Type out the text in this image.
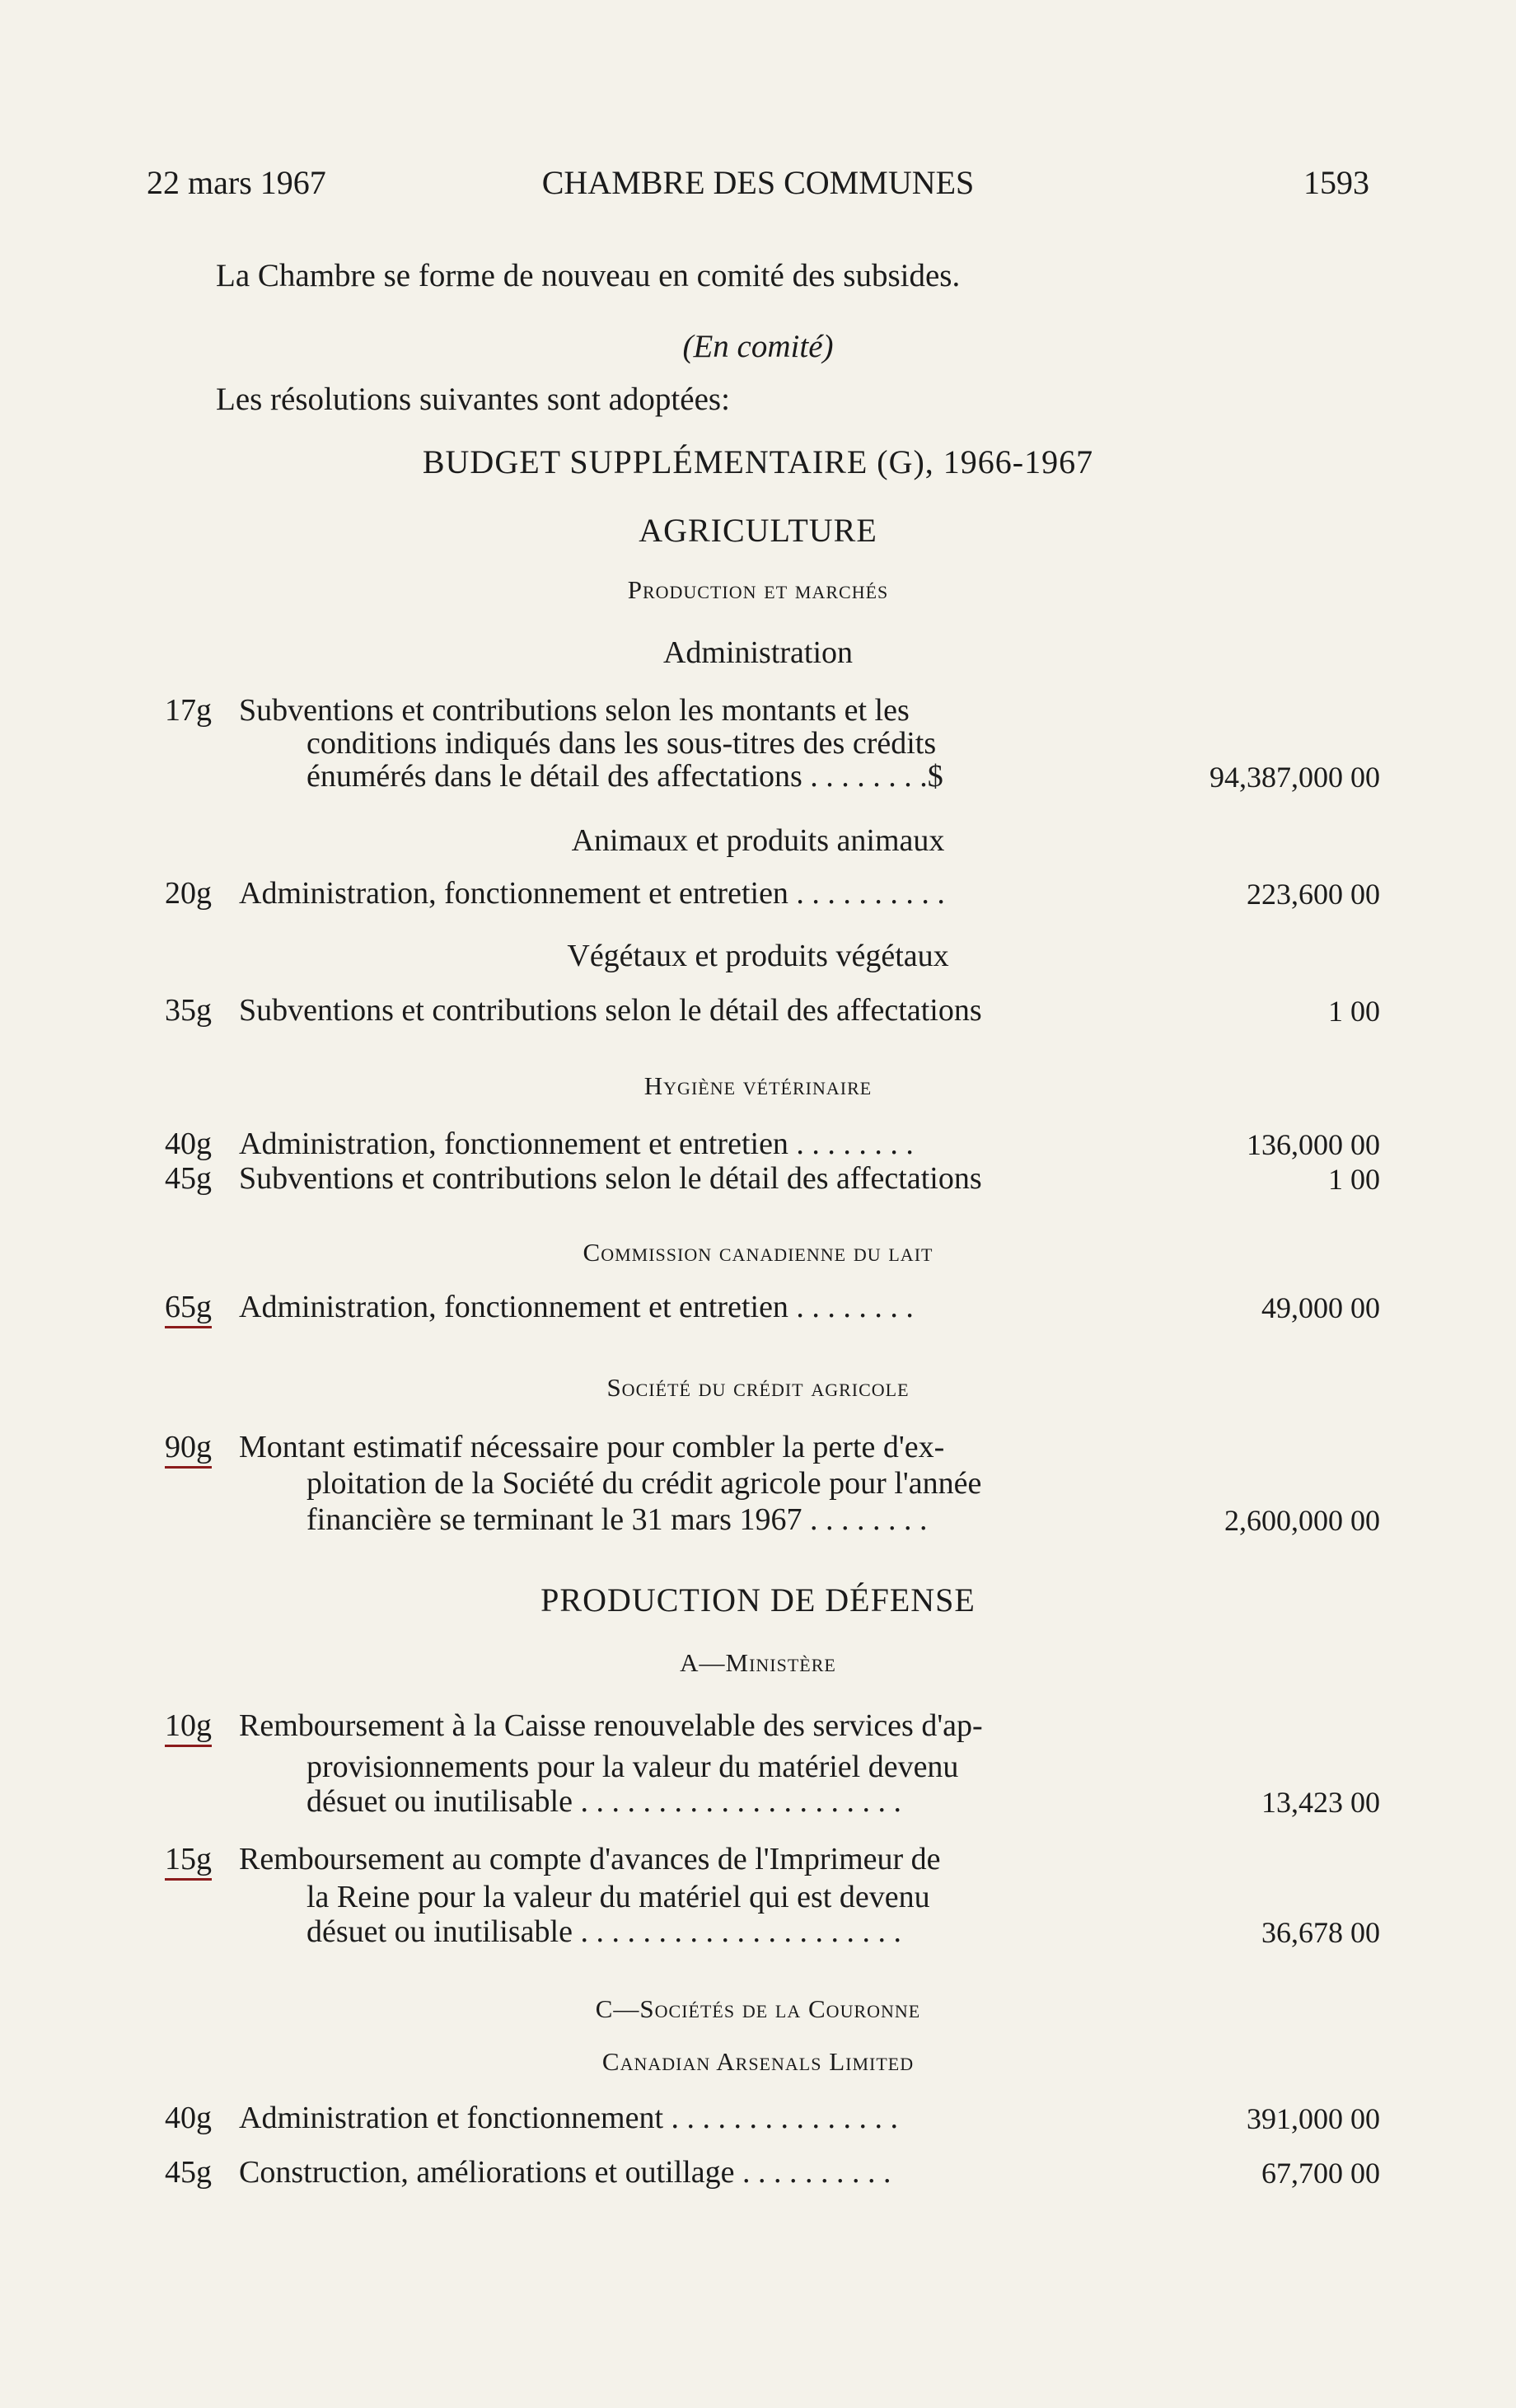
22 mars 1967	CHAMBRE DES COMMUNES	1593
La Chambre se forme de nouveau en comité des subsides.
(En comité)
Les résolutions suivantes sont adoptées:
BUDGET SUPPLÉMENTAIRE (G), 1966-1967
AGRICULTURE
Production et marchés
Administration
17g Subventions et contributions selon les montants et les
conditions indiqués dans les sous-titres des crédits
énumérés dans le détail des affectations . . . . . . . .$	94,387,000 00
Animaux et produits animaux
20g Administration, fonctionnement et entretien . . . . . . . . . .	223,600 00
Végétaux et produits végétaux
35g Subventions et contributions selon le détail des affectations	1 00
Hygiène vétérinaire
40g Administration, fonctionnement et entretien . . . . . . . .	136,000 00
45g Subventions et contributions selon le détail des affectations	1 00
Commission canadienne du lait
65g Administration, fonctionnement et entretien . . . . . . . .	49,000 00
Société du crédit agricole
90g Montant estimatif nécessaire pour combler la perte d'ex-
ploitation de la Société du crédit agricole pour l'année
financière se terminant le 31 mars 1967 . . . . . . . .	2,600,000 00
PRODUCTION DE DÉFENSE
A—Ministère
10g Remboursement à la Caisse renouvelable des services d'ap-
provisionnements pour la valeur du matériel devenu
désuet ou inutilisable . . . . . . . . . . . . . . . . . . . . .	13,423 00
15g Remboursement au compte d'avances de l'Imprimeur de
la Reine pour la valeur du matériel qui est devenu
désuet ou inutilisable . . . . . . . . . . . . . . . . . . . . .	36,678 00
C—Sociétés de la Couronne
Canadian Arsenals Limited
40g Administration et fonctionnement . . . . . . . . . . . . . . .	391,000 00
45g Construction, améliorations et outillage . . . . . . . . . .	67,700 00
